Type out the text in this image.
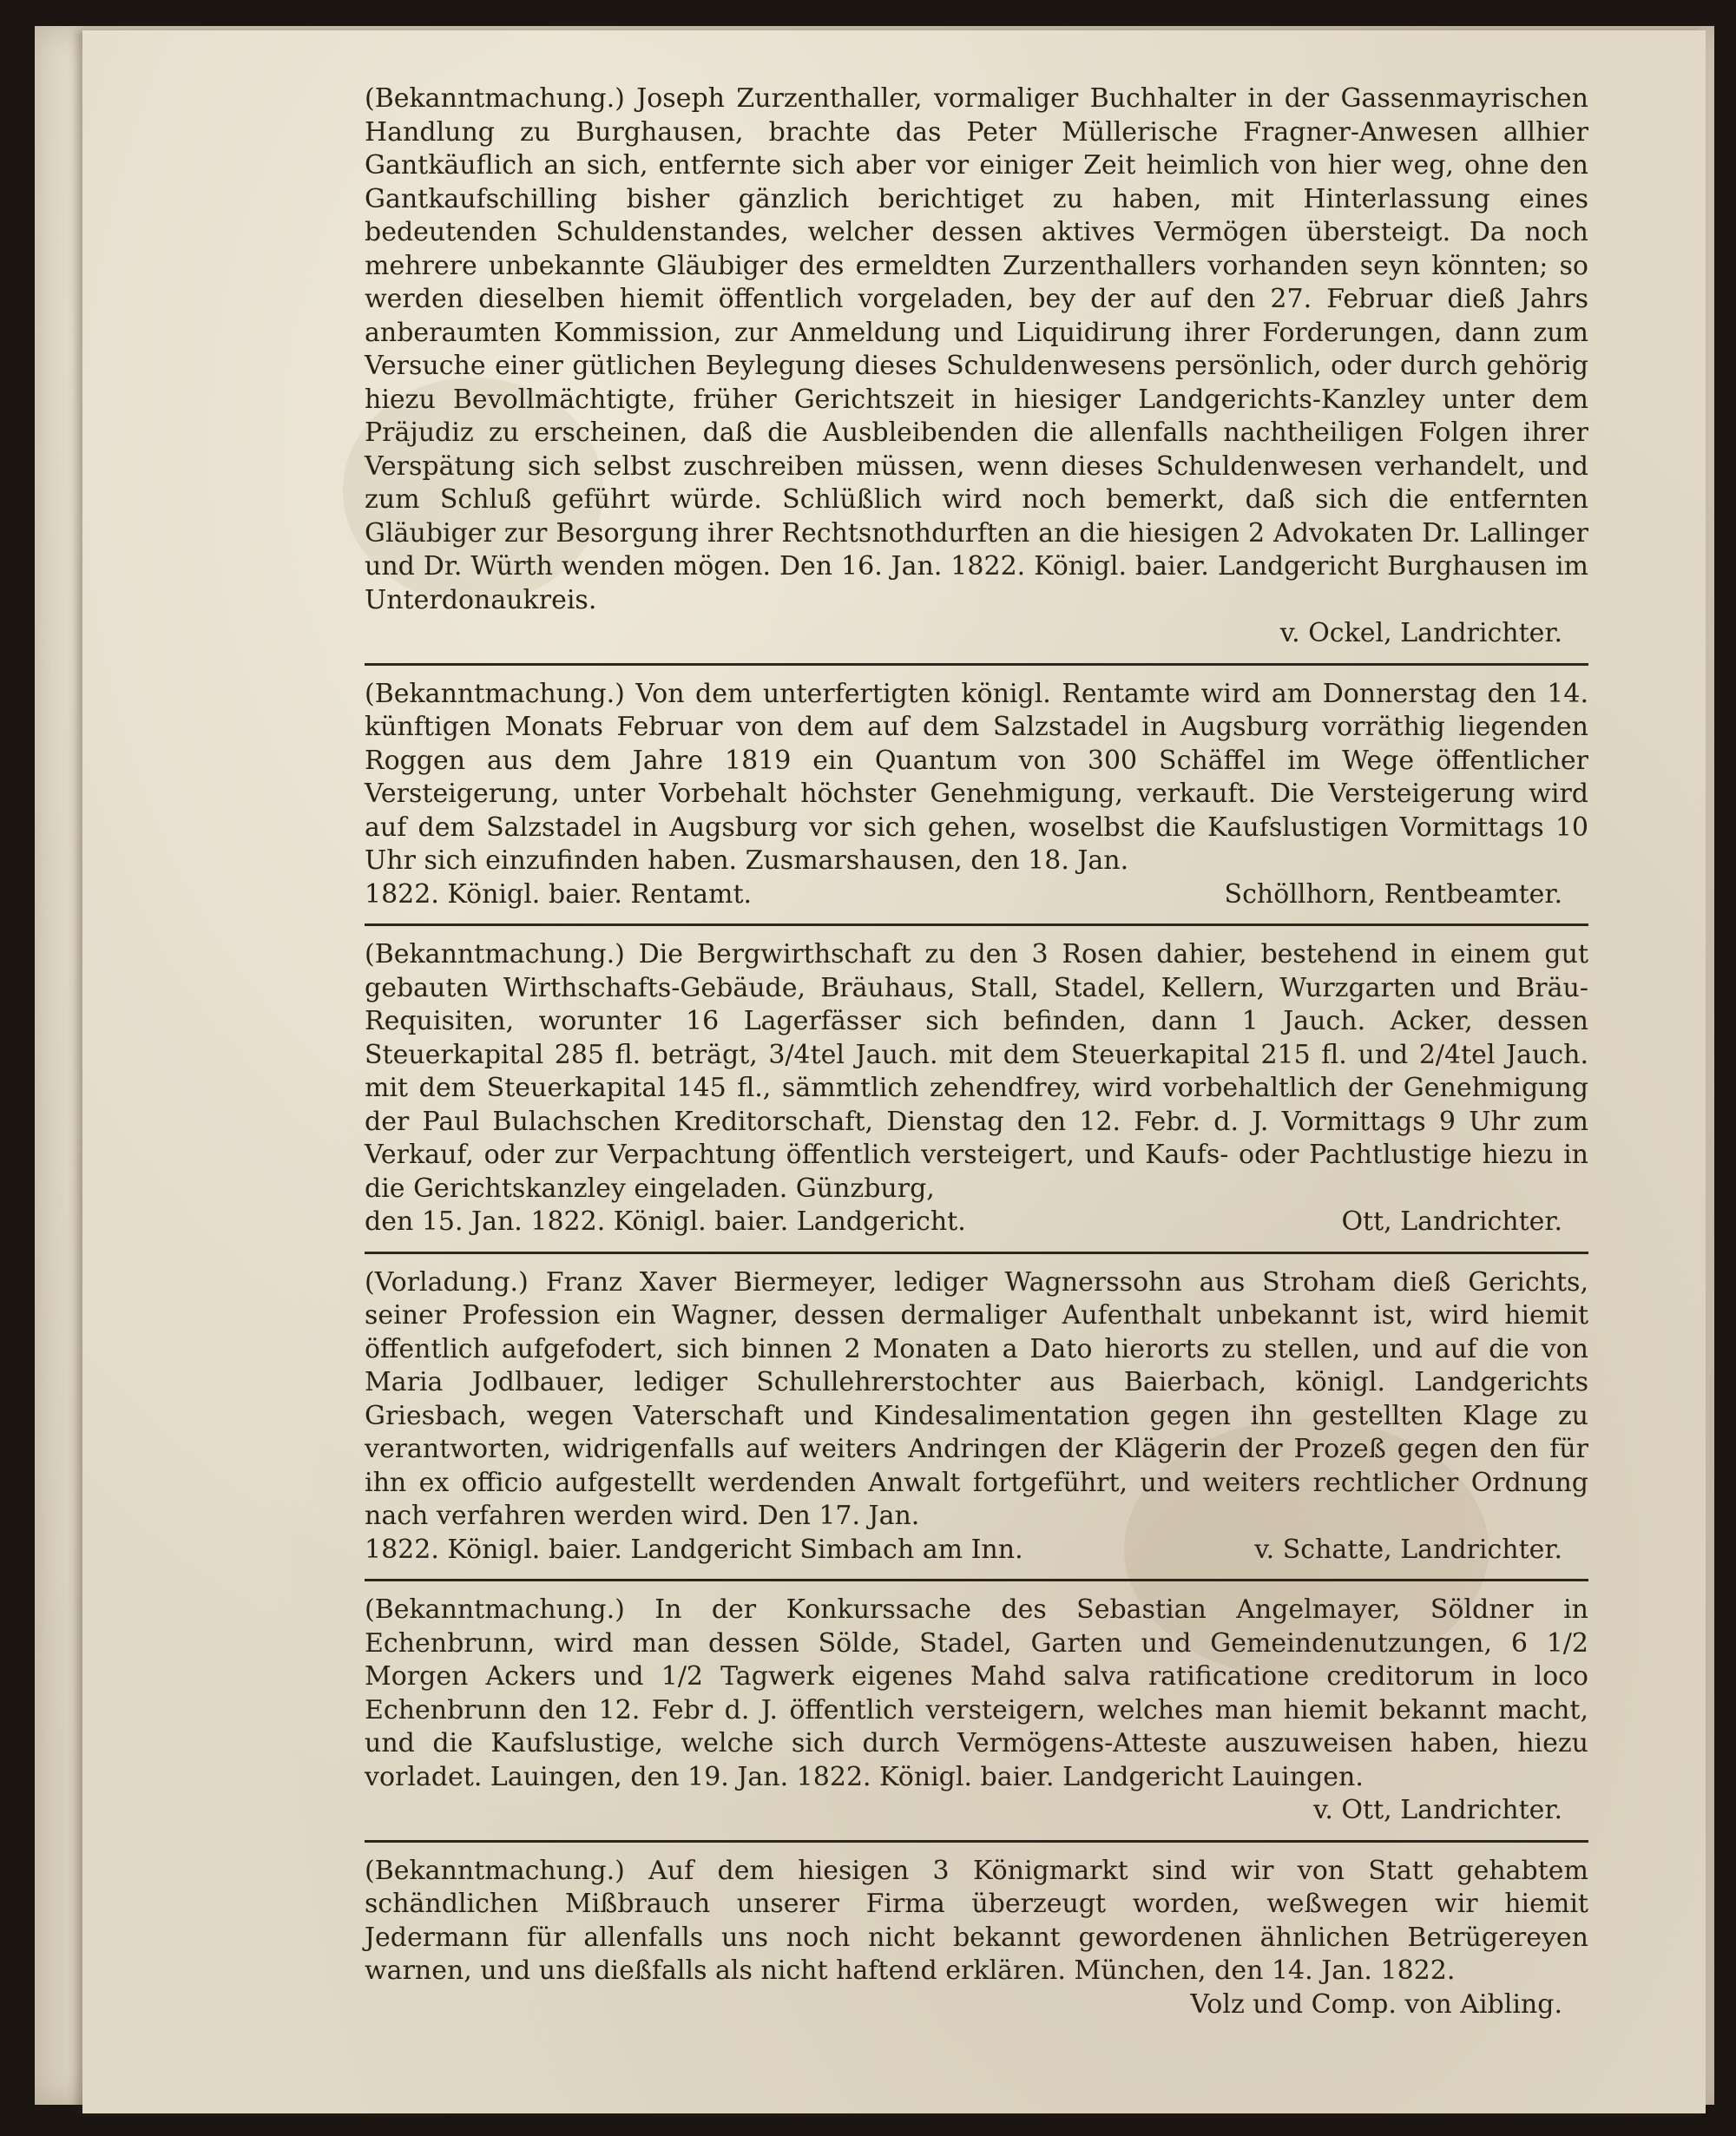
(Bekanntmachung.) Joseph Zurzenthaller, vormaliger Buchhalter in der Gassenmayrischen Handlung zu Burghausen, brachte das Peter Müllerische Fragner-Anwesen allhier Gantkäuflich an sich, entfernte sich aber vor einiger Zeit heimlich von hier weg, ohne den Gantkaufschilling bisher gänzlich berichtiget zu haben, mit Hinterlassung eines bedeutenden Schuldenstandes, welcher dessen aktives Vermögen übersteigt. Da noch mehrere unbekannte Gläubiger des ermeldten Zurzenthallers vorhanden seyn könnten; so werden dieselben hiemit öffentlich vorgeladen, bey der auf den 27. Februar dieß Jahrs anberaumten Kommission, zur Anmeldung und Liquidirung ihrer Forderungen, dann zum Versuche einer gütlichen Beylegung dieses Schuldenwesens persönlich, oder durch gehörig hiezu Bevollmächtigte, früher Gerichtszeit in hiesiger Landgerichts-Kanzley unter dem Präjudiz zu erscheinen, daß die Ausbleibenden die allenfalls nachtheiligen Folgen ihrer Verspätung sich selbst zuschreiben müssen, wenn dieses Schuldenwesen verhandelt, und zum Schluß geführt würde. Schlüßlich wird noch bemerkt, daß sich die entfernten Gläubiger zur Besorgung ihrer Rechtsnothdurften an die hiesigen 2 Advokaten Dr. Lallinger und Dr. Würth wenden mögen. Den 16. Jan. 1822. Königl. baier. Landgericht Burghausen im Unterdonaukreis.

v. Ockel, Landrichter.

(Bekanntmachung.) Von dem unterfertigten königl. Rentamte wird am Donnerstag den 14. künftigen Monats Februar von dem auf dem Salzstadel in Augsburg vorräthig liegenden Roggen aus dem Jahre 1819 ein Quantum von 300 Schäffel im Wege öffentlicher Versteigerung, unter Vorbehalt höchster Genehmigung, verkauft. Die Versteigerung wird auf dem Salzstadel in Augsburg vor sich gehen, woselbst die Kaufslustigen Vormittags 10 Uhr sich einzufinden haben. Zusmarshausen, den 18. Jan.

1822. Königl. baier. Rentamt.	Schöllhorn, Rentbeamter.

(Bekanntmachung.) Die Bergwirthschaft zu den 3 Rosen dahier, bestehend in einem gut gebauten Wirthschafts-Gebäude, Bräuhaus, Stall, Stadel, Kellern, Wurzgarten und Bräu-Requisiten, worunter 16 Lagerfässer sich befinden, dann 1 Jauch. Acker, dessen Steuerkapital 285 fl. beträgt, 3/4tel Jauch. mit dem Steuerkapital 215 fl. und 2/4tel Jauch. mit dem Steuerkapital 145 fl., sämmtlich zehendfrey, wird vorbehaltlich der Genehmigung der Paul Bulachschen Kreditorschaft, Dienstag den 12. Febr. d. J. Vormittags 9 Uhr zum Verkauf, oder zur Verpachtung öffentlich versteigert, und Kaufs- oder Pachtlustige hiezu in die Gerichtskanzley eingeladen. Günzburg,

den 15. Jan. 1822. Königl. baier. Landgericht.	Ott, Landrichter.

(Vorladung.) Franz Xaver Biermeyer, lediger Wagnerssohn aus Stroham dieß Gerichts, seiner Profession ein Wagner, dessen dermaliger Aufenthalt unbekannt ist, wird hiemit öffentlich aufgefodert, sich binnen 2 Monaten a Dato hierorts zu stellen, und auf die von Maria Jodlbauer, lediger Schullehrerstochter aus Baierbach, königl. Landgerichts Griesbach, wegen Vaterschaft und Kindesalimentation gegen ihn gestellten Klage zu verantworten, widrigenfalls auf weiters Andringen der Klägerin der Prozeß gegen den für ihn ex officio aufgestellt werdenden Anwalt fortgeführt, und weiters rechtlicher Ordnung nach verfahren werden wird. Den 17. Jan.

1822. Königl. baier. Landgericht Simbach am Inn.	v. Schatte, Landrichter.

(Bekanntmachung.) In der Konkurssache des Sebastian Angelmayer, Söldner in Echenbrunn, wird man dessen Sölde, Stadel, Garten und Gemeindenutzungen, 6 1/2 Morgen Ackers und 1/2 Tagwerk eigenes Mahd salva ratificatione creditorum in loco Echenbrunn den 12. Febr d. J. öffentlich versteigern, welches man hiemit bekannt macht, und die Kaufslustige, welche sich durch Vermögens-Atteste auszuweisen haben, hiezu vorladet. Lauingen, den 19. Jan. 1822. Königl. baier. Landgericht Lauingen.

v. Ott, Landrichter.

(Bekanntmachung.) Auf dem hiesigen 3 Königmarkt sind wir von Statt gehabtem schändlichen Mißbrauch unserer Firma überzeugt worden, weßwegen wir hiemit Jedermann für allenfalls uns noch nicht bekannt gewordenen ähnlichen Betrügereyen warnen, und uns dießfalls als nicht haftend erklären. München, den 14. Jan. 1822.

Volz und Comp. von Aibling.
